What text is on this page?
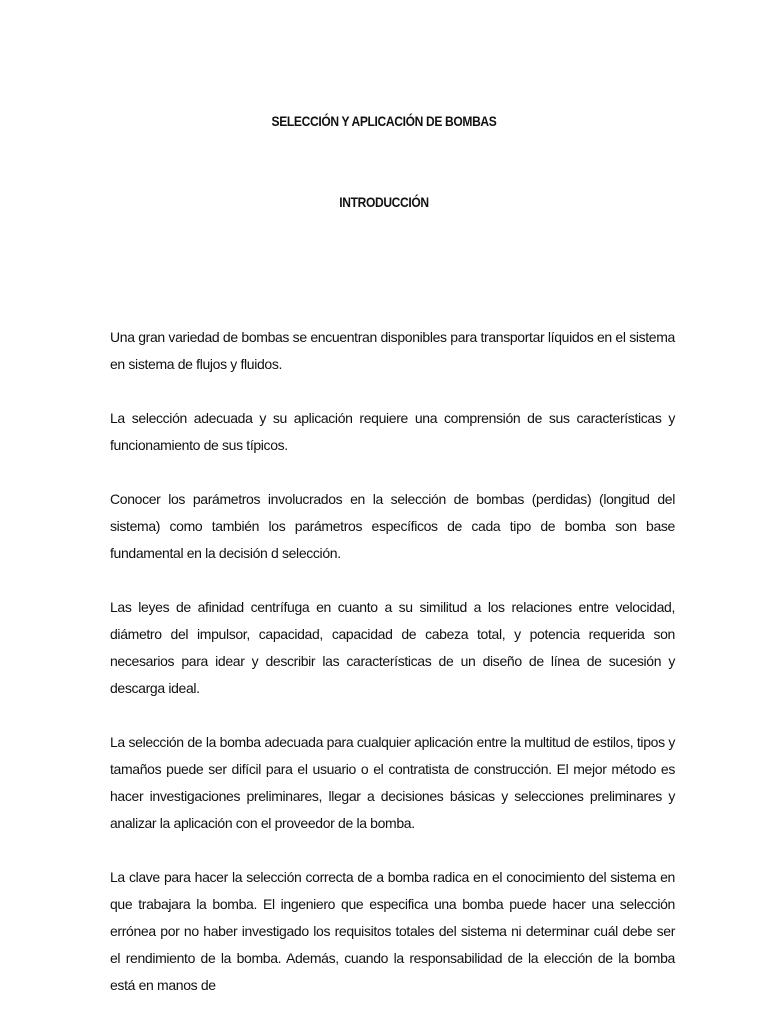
SELECCIÓN Y APLICACIÓN DE BOMBAS
INTRODUCCIÓN

Una gran variedad de bombas se encuentran disponibles para transportar líquidos en el sistema en sistema de flujos y fluidos.

La selección adecuada y su aplicación requiere una comprensión de sus características y funcionamiento de sus típicos.

Conocer los parámetros involucrados en la selección de bombas (perdidas) (longitud del sistema) como también los parámetros específicos de cada tipo de bomba son base fundamental en la decisión d selección.

Las leyes de afinidad centrífuga en cuanto a su similitud a los relaciones entre velocidad, diámetro del impulsor, capacidad, capacidad de cabeza total, y potencia requerida son necesarios para idear y describir las características de un diseño de línea de sucesión y descarga ideal.

La selección de la bomba adecuada para cualquier aplicación entre la multitud de estilos, tipos y tamaños puede ser difícil para el usuario o el contratista de construcción. El mejor método es hacer investigaciones preliminares, llegar a decisiones básicas y selecciones preliminares y analizar la aplicación con el proveedor de la bomba.

La clave para hacer la selección correcta de a bomba radica en el conocimiento del sistema en que trabajara la bomba. El ingeniero que especifica una bomba puede hacer una selección errónea por no haber investigado los requisitos totales del sistema ni determinar cuál debe ser el rendimiento de la bomba. Además, cuando la responsabilidad de la elección de la bomba está en manos de
